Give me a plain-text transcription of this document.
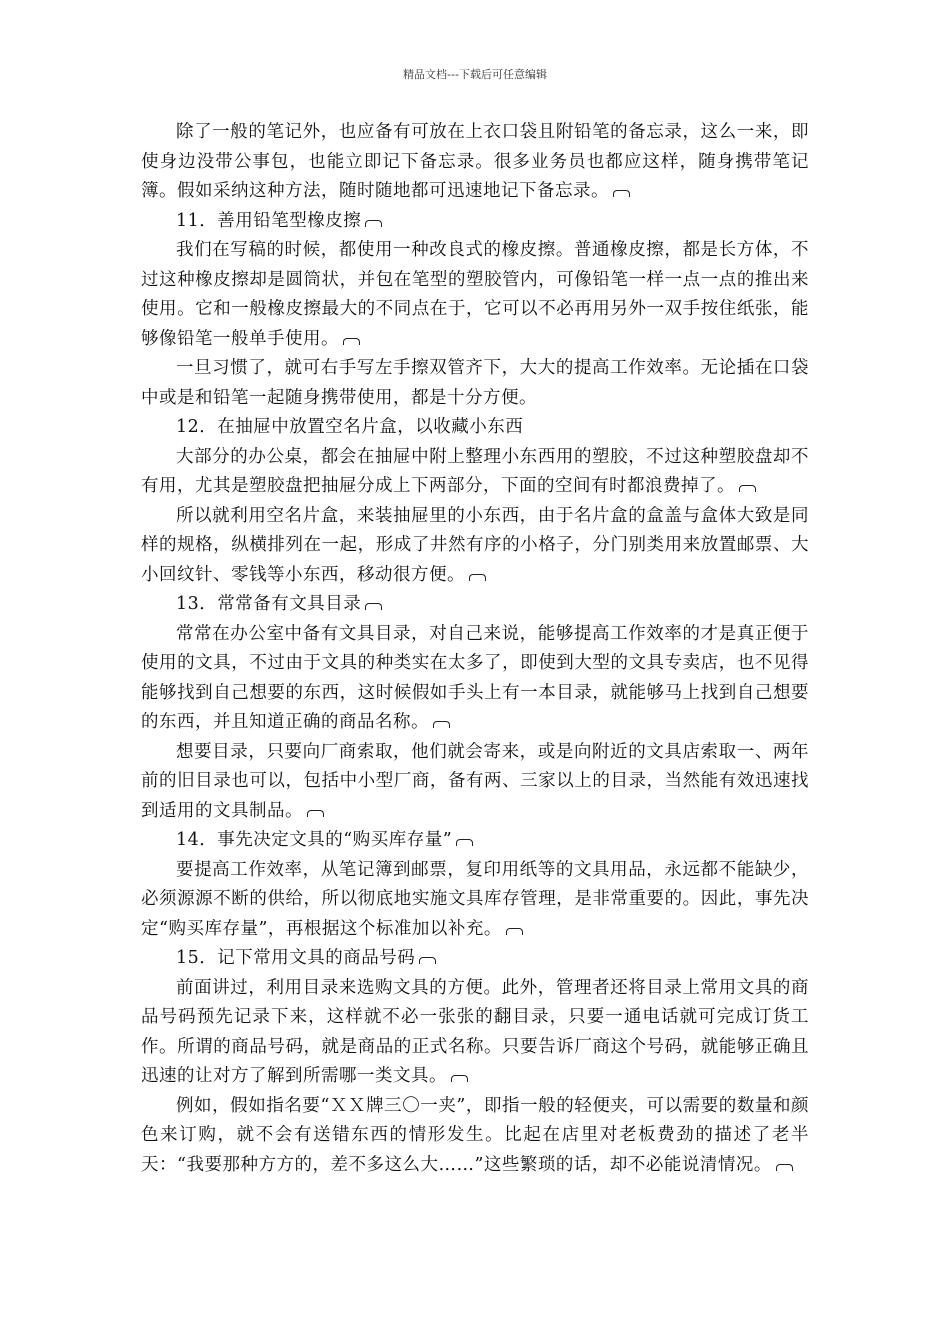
精品文档---下载后可任意编辑

除了一般的笔记外，也应备有可放在上衣口袋且附铅笔的备忘录，这么一来，即使身边没带公事包，也能立即记下备忘录。很多业务员也都应这样，随身携带笔记簿。假如采纳这种方法，随时随地都可迅速地记下备忘录。

11．善用铅笔型橡皮擦

我们在写稿的时候，都使用一种改良式的橡皮擦。普通橡皮擦，都是长方体，不过这种橡皮擦却是圆筒状，并包在笔型的塑胶管内，可像铅笔一样一点一点的推出来使用。它和一般橡皮擦最大的不同点在于，它可以不必再用另外一双手按住纸张，能够像铅笔一般单手使用。

一旦习惯了，就可右手写左手擦双管齐下，大大的提高工作效率。无论插在口袋中或是和铅笔一起随身携带使用，都是十分方便。

12．在抽屉中放置空名片盒，以收藏小东西

大部分的办公桌，都会在抽屉中附上整理小东西用的塑胶，不过这种塑胶盘却不有用，尤其是塑胶盘把抽屉分成上下两部分，下面的空间有时都浪费掉了。

所以就利用空名片盒，来装抽屉里的小东西，由于名片盒的盒盖与盒体大致是同样的规格，纵横排列在一起，形成了井然有序的小格子，分门别类用来放置邮票、大小回纹针、零钱等小东西，移动很方便。

13．常常备有文具目录

常常在办公室中备有文具目录，对自己来说，能够提高工作效率的才是真正便于使用的文具，不过由于文具的种类实在太多了，即使到大型的文具专卖店，也不见得能够找到自己想要的东西，这时候假如手头上有一本目录，就能够马上找到自己想要的东西，并且知道正确的商品名称。

想要目录，只要向厂商索取，他们就会寄来，或是向附近的文具店索取一、两年前的旧目录也可以，包括中小型厂商，备有两、三家以上的目录，当然能有效迅速找到适用的文具制品。

14．事先决定文具的“购买库存量”

要提高工作效率，从笔记簿到邮票，复印用纸等的文具用品，永远都不能缺少，必须源源不断的供给，所以彻底地实施文具库存管理，是非常重要的。因此，事先决定“购买库存量”，再根据这个标准加以补充。

15．记下常用文具的商品号码

前面讲过，利用目录来选购文具的方便。此外，管理者还将目录上常用文具的商品号码预先记录下来，这样就不必一张张的翻目录，只要一通电话就可完成订货工作。所谓的商品号码，就是商品的正式名称。只要告诉厂商这个号码，就能够正确且迅速的让对方了解到所需哪一类文具。

例如，假如指名要“ＸＸ牌三〇一夹”，即指一般的轻便夹，可以需要的数量和颜色来订购，就不会有送错东西的情形发生。比起在店里对老板费劲的描述了老半天：“我要那种方方的，差不多这么大……”这些繁琐的话，却不必能说清情况。
